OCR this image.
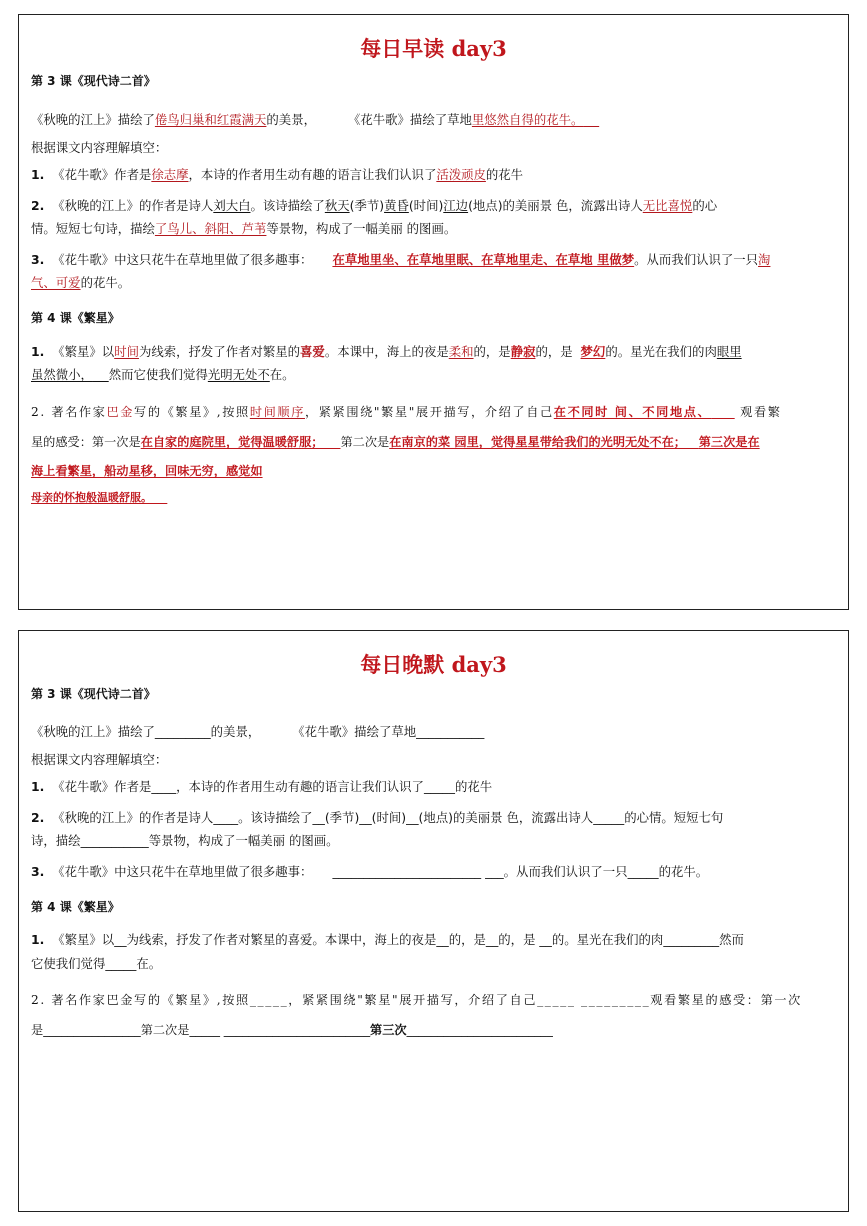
每日早读 day3
第 3 课《现代诗二首》
《秋晚的江上》描绘了倦鸟归巢和红霞满天的美景，	《花牛歌》描绘了草地里悠然自得的花牛。
根据课文内容理解填空：
1. 《花牛歌》作者是徐志摩，本诗的作者用生动有趣的语言让我们认识了活泼顽皮的花牛
2. 《秋晚的江上》的作者是诗人刘大白。该诗描绘了秋天(季节)黄昏(时间)江边(地点)的美丽景 色，流露出诗人无比喜悦的心
情。短短七句诗，描绘了鸟儿、斜阳、芦苇等景物，构成了一幅美丽 的图画。
3. 《花牛歌》中这只花牛在草地里做了很多趣事： 在草地里坐、在草地里眠、在草地里走、在草地 里做梦。从而我们认识了一只淘
气、可爱的花牛。
第 4 课《繁星》
1. 《繁星》以时间为线索，抒发了作者对繁星的喜爱。本课中，海上的夜是柔和的，是静寂的，是  梦幻的。星光在我们的肉眼里
虽然微小， 然而它使我们觉得光明无处不在。
2. 著名作家巴金写的《繁星》,按照时间顺序，紧紧围绕"繁星"展开描写，介绍了自己在不同时 间、不同地点、 观看繁
星的感受：第一次是在自家的庭院里，觉得温暖舒服； 第二次是在南京的菜 园里，觉得星星带给我们的光明无处不在； 第三次是在
海上看繁星，船动星移，回味无穷，感觉如
母亲的怀抱般温暖舒服。
每日晚默 day3
第 3 课《现代诗二首》
《秋晚的江上》描绘了_________的美景，	《花牛歌》描绘了草地___________
根据课文内容理解填空：
1. 《花牛歌》作者是____，本诗的作者用生动有趣的语言让我们认识了_____的花牛
2. 《秋晚的江上》的作者是诗人____。该诗描绘了__(季节)__(时间)__(地点)的美丽景 色，流露出诗人_____的心情。短短七句
诗，描绘___________等景物，构成了一幅美丽 的图画。
3. 《花牛歌》中这只花牛在草地里做了很多趣事： ________________________ ___。从而我们认识了一只_____的花牛。
第 4 课《繁星》
1. 《繁星》以__为线索，抒发了作者对繁星的喜爱。本课中，海上的夜是__的，是__的，是 __的。星光在我们的肉_________然而
它使我们觉得_____在。
2. 著名作家巴金写的《繁星》,按照_____，紧紧围绕"繁星"展开描写，介绍了自己_____ _________观看繁星的感受：第一次
是________________第二次是_____ ________________________第三次________________________
